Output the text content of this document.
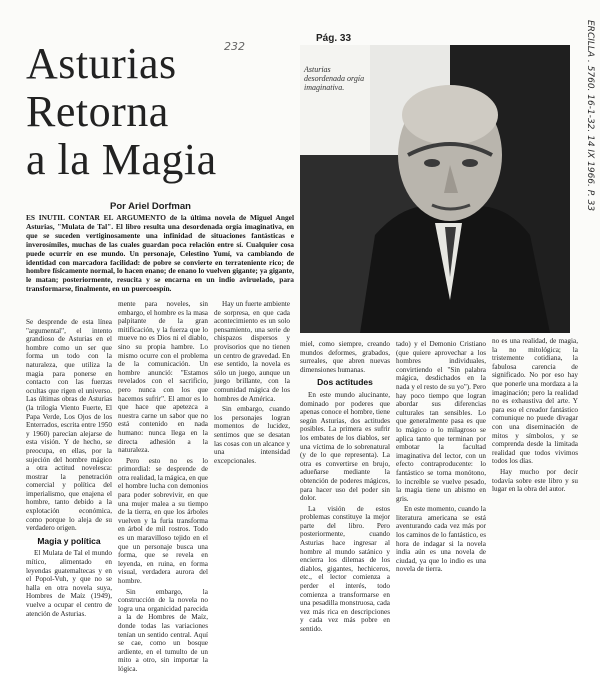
Pág. 33
232
Asturias
Retorna
a la Magia
Por Ariel Dorfman
Asturias desordenada orgía imaginativa.	ERCILLA . 5760. 16-1-32. 14 IX 1966. P. 33
ES INUTIL CONTAR EL ARGUMENTO de la última novela de Miguel Angel Asturias, "Mulata de Tal". El libro resulta una desordenada orgía imaginativa, en que se suceden vertiginosamente una infinidad de situaciones fantásticas e inverosímiles, muchas de las cuales guardan poca relación entre sí. Cualquier cosa puede ocurrir en ese mundo. Un personaje, Celestino Yumí, va cambiando de identidad con marcadora facilidad: de pobre se convierte en terrateniente rico; de hombre físicamente normal, lo hacen enano; de enano lo vuelven gigante; ya gigante, le matan; posteriormente, resucita y se encarna en un indio aviruelado, para transformarse, finalmente, en un puercoespín.

Se desprende de esta línea "argumental", el intento grandioso de Asturias en el hombre como un ser que forma un todo con la naturaleza, que utiliza la magia para ponerse en contacto con las fuerzas ocultas que rigen el universo. Las últimas obras de Asturias (la trilogía Viento Fuerte, El Papa Verde, Los Ojos de los Enterrados, escrita entre 1950 y 1960) parecían alejarse de esta visión. Y de hecho, se preocupa, en ellas, por la sujeción del hombre mágico a otra actitud novelesca: mostrar la penetración comercial y política del imperialismo, que enajena el hombre, tanto debido a la explotación económica, como porque lo aleja de su verdadero origen.

Magia y política

El Mulata de Tal el mundo mítico, alimentado en leyendas guatemaltecas y en el Popol-Vuh, y que no se halla en otra novela suya, Hombres de Maíz (1949), vuelve a ocupar el centro de atención de Asturias.

mente para noveles, sin embargo, el hombre es la masa palpitante de la gran mitificación, y la fuerza que lo mueve no es Dios ni el diablo, sino su propia hambre. Lo mismo ocurre con el problema de la comunicación. Un hombre anunció: "Estamos revelados con el sacrificio, pero nunca con los que hacemos sufrir". El amor es lo que hace que apetezca a nuestra carne un sabor que no está contenido en nada humano: nunca llega en la directa adhesión a la naturaleza.

Pero esto no es lo primordial: se desprende de otra realidad, la mágica, en que el hombre lucha con demonios para poder sobrevivir, en que una mujer malea a su tiempo de la tierra, en que los árboles vuelven y la furia transforma en árbol de mil rostros. Todo es un maravilloso tejido en el que un personaje busca una forma, que se revela en leyenda, en ruina, en forma visual, verdadera aurora del hombre.

Sin embargo, la construcción de la novela no logra una organicidad parecida a la de Hombres de Maíz, donde todas las variaciones tenían un sentido central. Aquí se cae, como un bosque ardiente, en el tumulto de un mito a otro, sin importar la lógica.

Hay un fuerte ambiente de sorpresa, en que cada acontecimiento es un solo pensamiento, una serie de chispazos dispersos y provisorios que no tienen un centro de gravedad. En ese sentido, la novela es sólo un juego, aunque un juego brillante, con la comunidad mágica de los hombres de América.

Sin embargo, cuando los personajes logran momentos de lucidez, sentimos que se desatan las cosas con un alcance y una intensidad excepcionales.

miel, como siempre, creando mundos deformes, grabados, surreales, que abren nuevas dimensiones humanas.

Dos actitudes

En este mundo alucinante, dominado por poderes que apenas conoce el hombre, tiene según Asturias, dos actitudes posibles. La primera es sufrir los embates de los diablos, ser una víctima de lo sobrenatural (y de lo que representa). La otra es convertirse en brujo, adueñarse mediante la obtención de poderes mágicos, para hacer uso del poder sin dolor.

La visión de estos problemas constituye la mejor parte del libro. Pero posteriormente, cuando Asturias hace ingresar al hombre al mundo satánico y encierra los dilemas de los diablos, gigantes, hechiceros, etc., el lector comienza a perder el interés, todo comienza a transformarse en una pesadilla monstruosa, cada vez más rica en descripciones y cada vez más pobre en sentido.

tado) y el Demonio Cristiano (que quiere aprovechar a los hombres individuales, convirtiendo el "Sin palabra mágica, desdichados en la nada y el resto de su yo"). Pero hay poco tiempo que logran abordar sus diferencias culturales tan sensibles. Lo que generalmente pasa es que lo mágico o lo milagroso se aplica tanto que terminan por embotar la facultad imaginativa del lector, con un efecto contraproducente: lo fantástico se torna monótono, lo increíble se vuelve pesado, la magia tiene un abismo en gris.

En este momento, cuando la literatura americana se está aventurando cada vez más por los caminos de lo fantástico, es hora de indagar si la novela india aún es una novela de ciudad, ya que lo indio es una novela de tierra.

no es una realidad, de magia, la no mitológica; la tristemente cotidiana, la fabulosa carencia de significado. No por eso hay que ponerle una mordaza a la imaginación; pero la realidad no es exhaustiva del arte. Y para eso el creador fantástico comunique no puede divagar con una diseminación de mitos y símbolos, y se comprenda desde la limitada realidad que todos vivimos todos los días.

Hay mucho por decir todavía sobre este libro y su lugar en la obra del autor.
